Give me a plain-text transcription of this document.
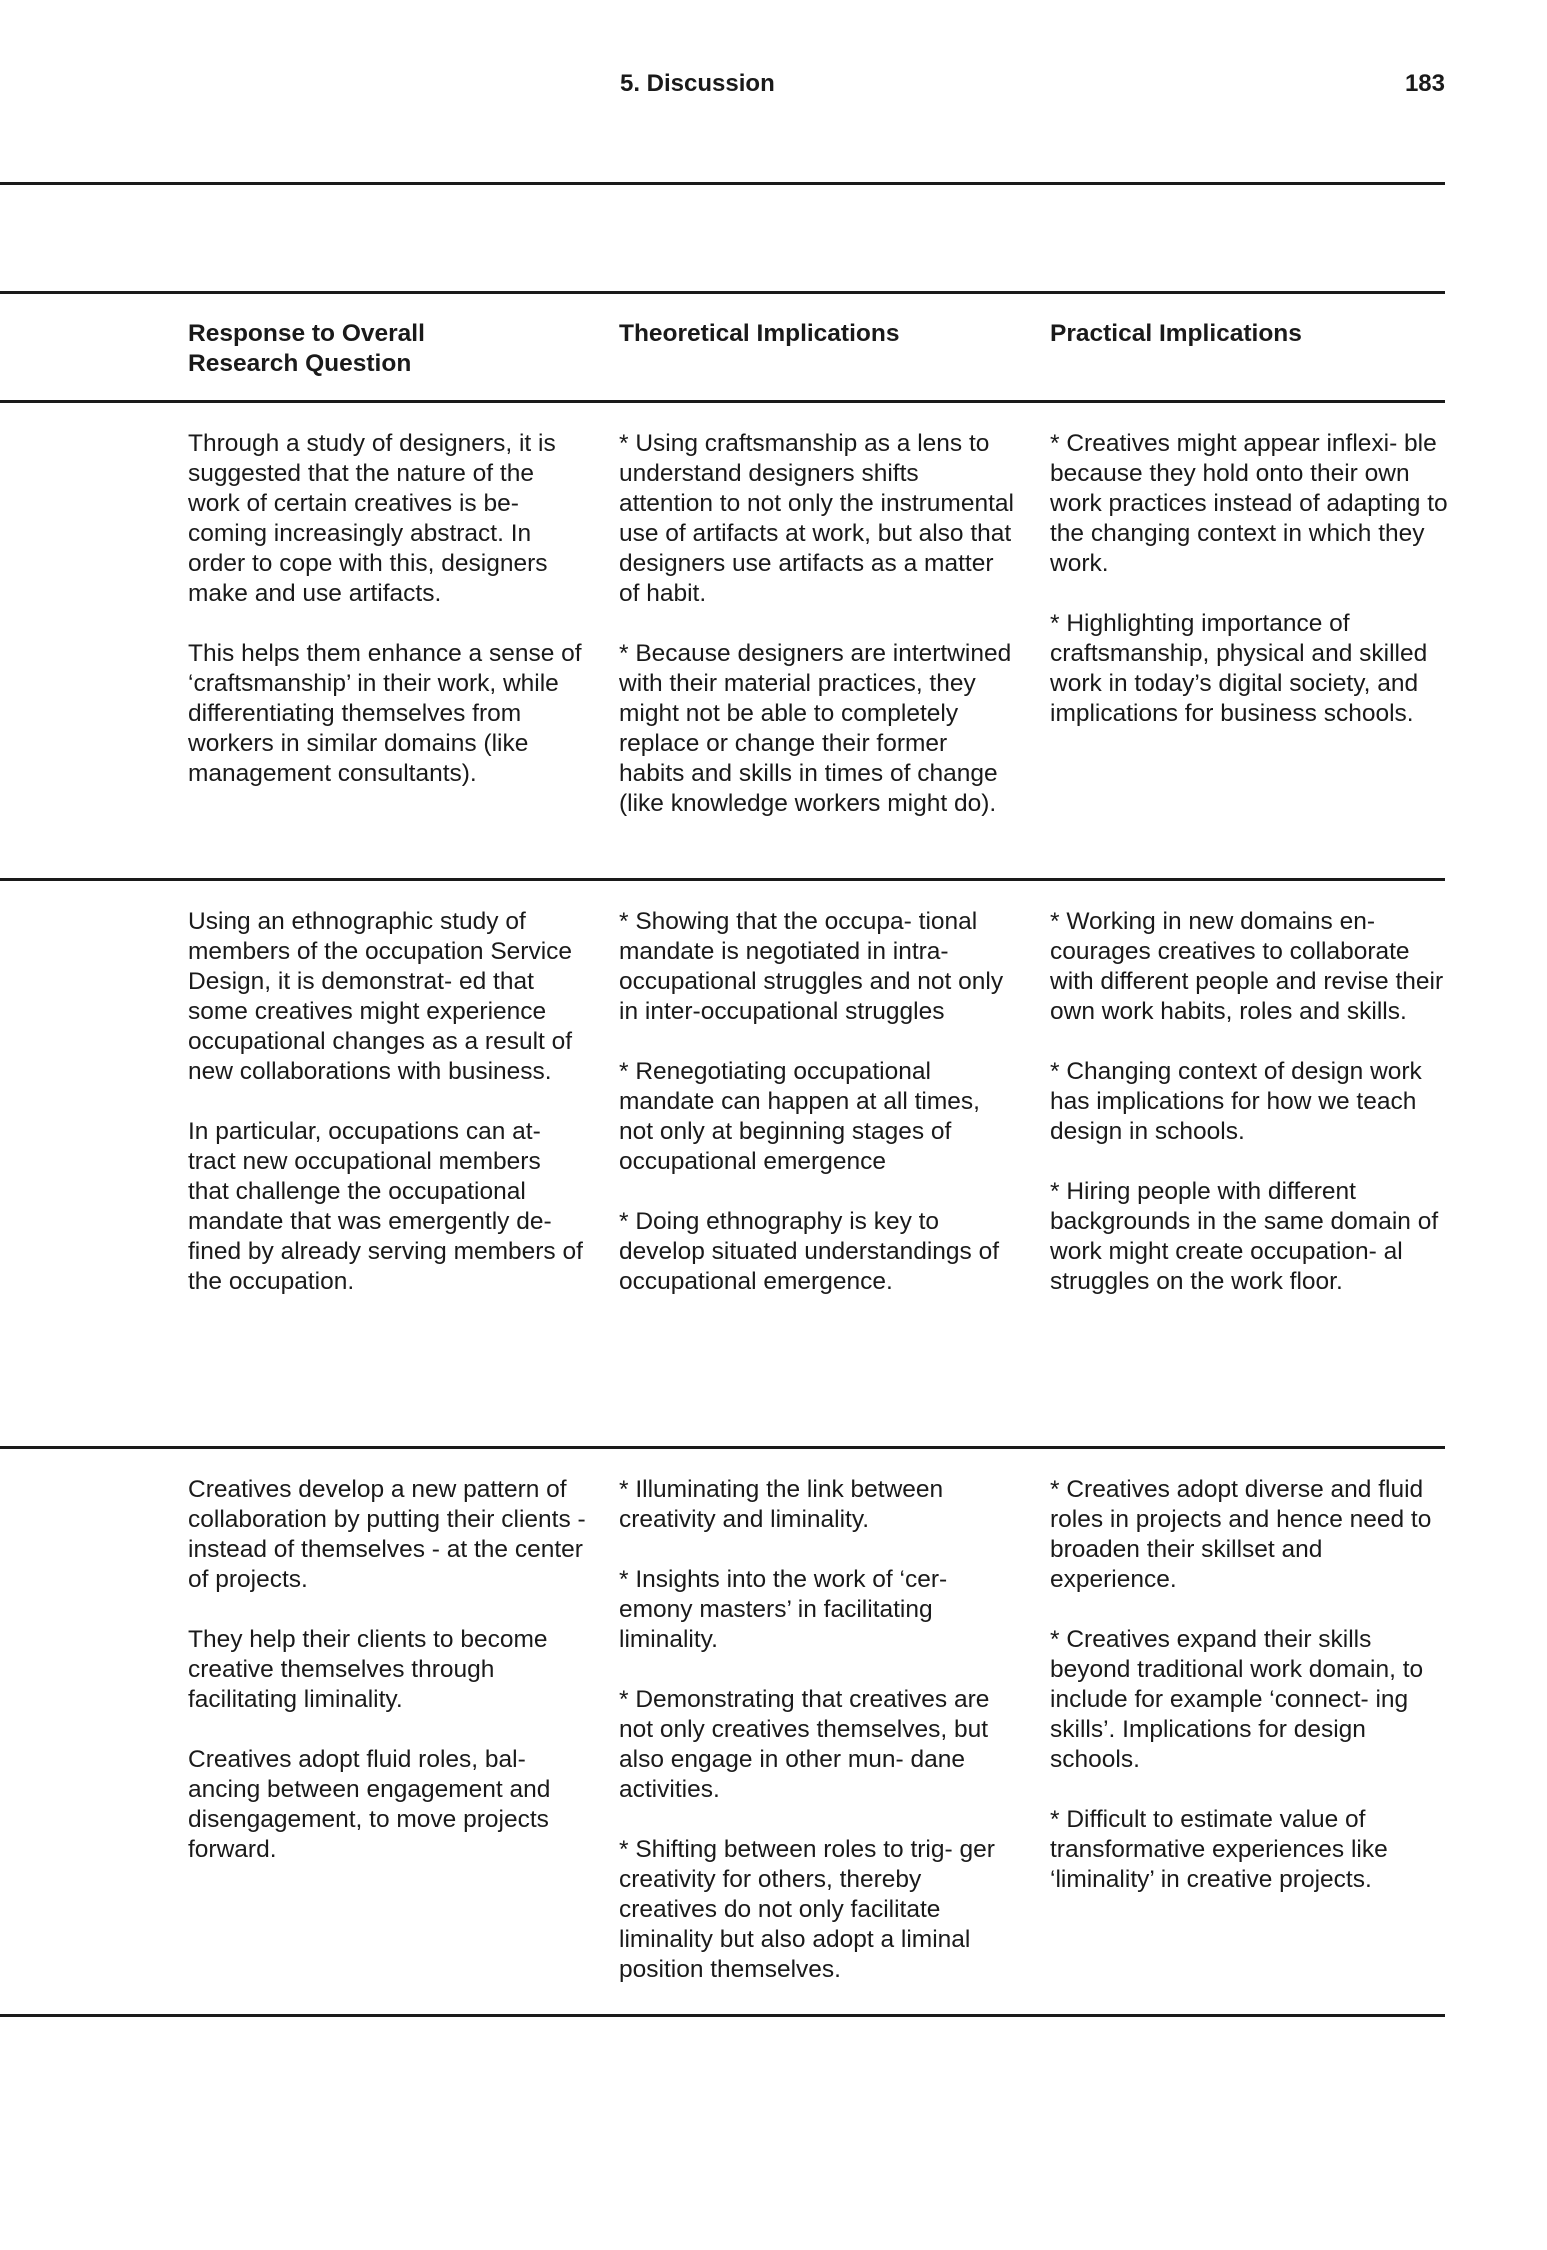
5. Discussion	183
Response to Overall
Research Question
Theoretical Implications	Practical Implications

Through a study of designers, it is suggested that the nature of the work of certain creatives is be- coming increasingly abstract. In order to cope with this, designers make and use artifacts.

This helps them enhance a sense of ‘craftsmanship’ in their work, while differentiating themselves from workers in similar domains (like management consultants).

* Using craftsmanship as a lens to understand designers shifts attention to not only the instrumental use of artifacts at work, but also that designers use artifacts as a matter of habit.

* Because designers are intertwined with their material practices, they might not be able to completely replace or change their former habits and skills in times of change (like knowledge workers might do).

* Creatives might appear inflexi- ble because they hold onto their own work practices instead of adapting to the changing context in which they work.

* Highlighting importance of craftsmanship, physical and skilled work in today’s digital society, and implications for business schools.

Using an ethnographic study of members of the occupation Service Design, it is demonstrat- ed that some creatives might experience occupational changes as a result of new collaborations with business.

In particular, occupations can at- tract new occupational members that challenge the occupational mandate that was emergently de- fined by already serving members of the occupation.

* Showing that the occupa- tional mandate is negotiated in intra-occupational struggles and not only in inter-occupational struggles

* Renegotiating occupational mandate can happen at all times, not only at beginning stages of occupational emergence

* Doing ethnography is key to develop situated understandings of occupational emergence.

* Working in new domains en- courages creatives to collaborate with different people and revise their own work habits, roles and skills.

* Changing context of design work has implications for how we teach design in schools.

* Hiring people with different backgrounds in the same domain of work might create occupation- al struggles on the work floor.

Creatives develop a new pattern of collaboration by putting their clients -instead of themselves - at the center of projects.

They help their clients to become creative themselves through facilitating liminality.

Creatives adopt fluid roles, bal- ancing between engagement and disengagement, to move projects forward.

* Illuminating the link between creativity and liminality.

* Insights into the work of ‘cer- emony masters’ in facilitating liminality.

* Demonstrating that creatives are not only creatives themselves, but also engage in other mun- dane activities.

* Shifting between roles to trig- ger creativity for others, thereby creatives do not only facilitate liminality but also adopt a liminal position themselves.

* Creatives adopt diverse and fluid roles in projects and hence need to broaden their skillset and experience.

* Creatives expand their skills beyond traditional work domain, to include for example ‘connect- ing skills’. Implications for design schools.

* Difficult to estimate value of transformative experiences like ‘liminality’ in creative projects.
